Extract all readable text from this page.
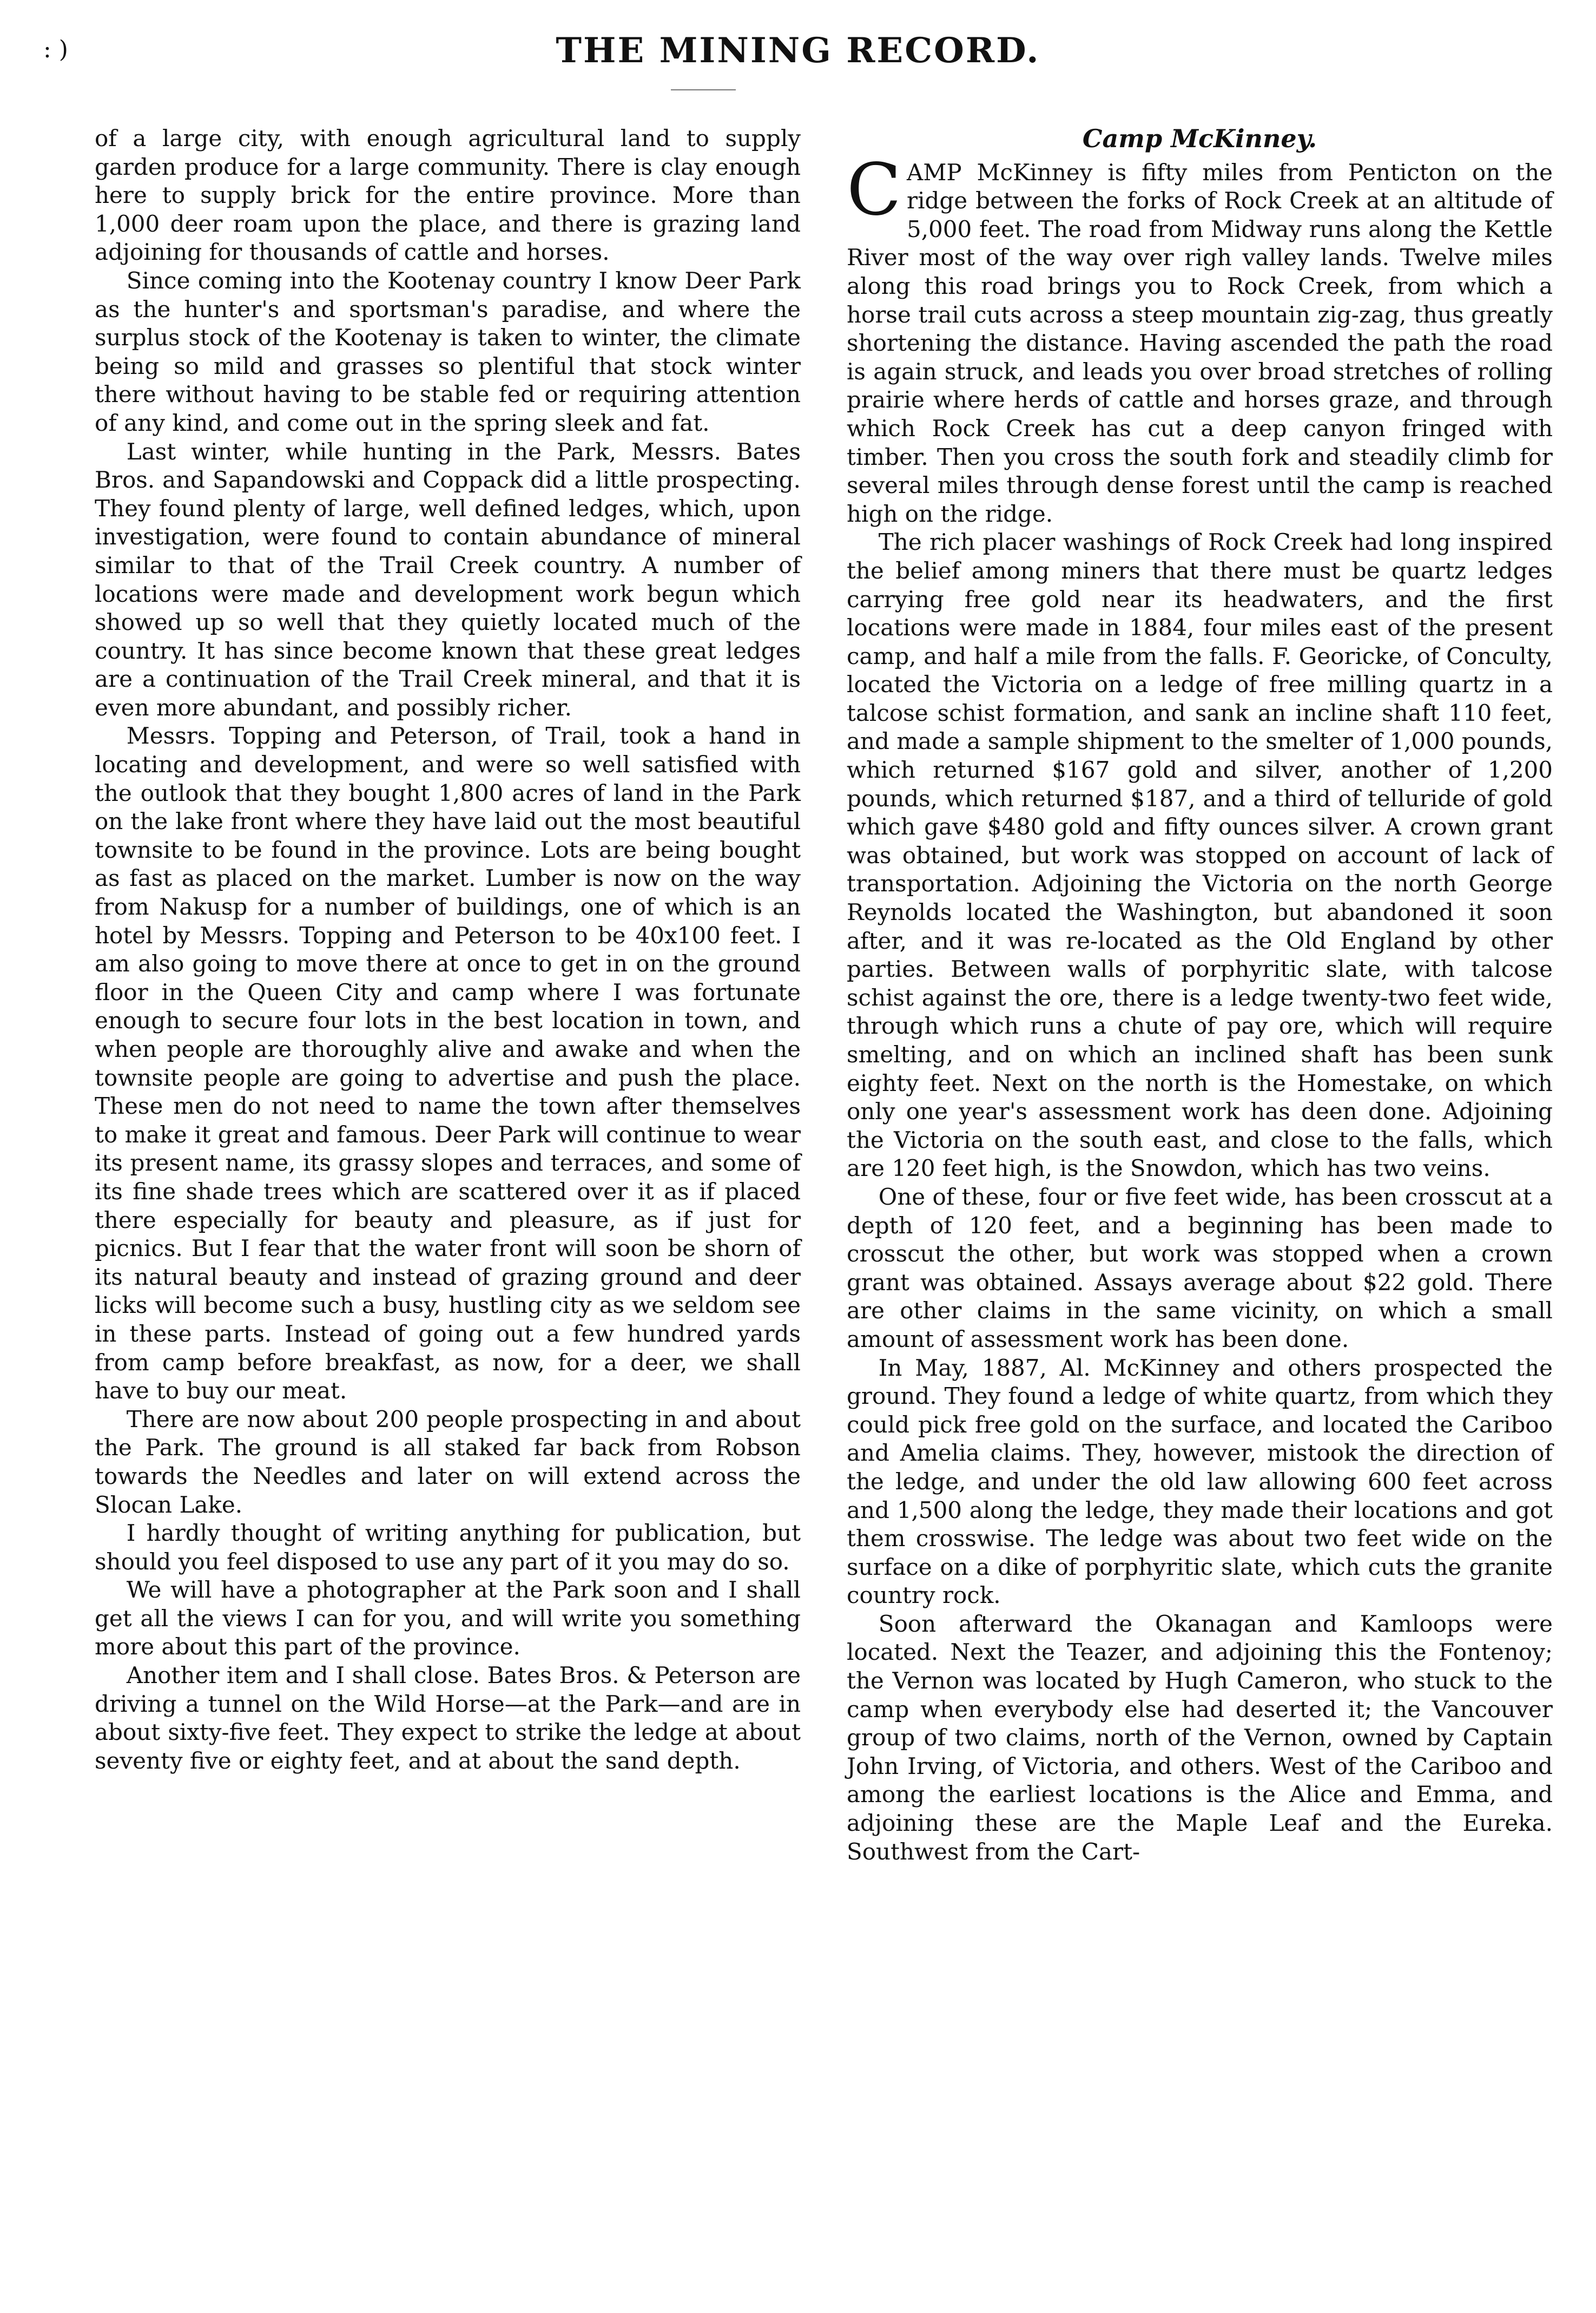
: )	THE MINING RECORD.

of a large city, with enough agricultural land to supply garden produce for a large community. There is clay enough here to supply brick for the entire province. More than 1,000 deer roam upon the place, and there is grazing land adjoining for thousands of cattle and horses.

Since coming into the Kootenay country I know Deer Park as the hunter's and sportsman's paradise, and where the surplus stock of the Kootenay is taken to winter, the climate being so mild and grasses so plentiful that stock winter there without having to be stable fed or requiring attention of any kind, and come out in the spring sleek and fat.

Last winter, while hunting in the Park, Messrs. Bates Bros. and Sapandowski and Coppack did a little prospecting. They found plenty of large, well defined ledges, which, upon investigation, were found to contain abundance of mineral similar to that of the Trail Creek country. A number of locations were made and development work begun which showed up so well that they quietly located much of the country. It has since become known that these great ledges are a continuation of the Trail Creek mineral, and that it is even more abundant, and possibly richer.

Messrs. Topping and Peterson, of Trail, took a hand in locating and development, and were so well satisfied with the outlook that they bought 1,800 acres of land in the Park on the lake front where they have laid out the most beautiful townsite to be found in the province. Lots are being bought as fast as placed on the market. Lumber is now on the way from Nakusp for a number of buildings, one of which is an hotel by Messrs. Topping and Peterson to be 40x100 feet. I am also going to move there at once to get in on the ground floor in the Queen City and camp where I was fortunate enough to secure four lots in the best location in town, and when people are thoroughly alive and awake and when the townsite people are going to advertise and push the place. These men do not need to name the town after themselves to make it great and famous. Deer Park will continue to wear its present name, its grassy slopes and terraces, and some of its fine shade trees which are scattered over it as if placed there especially for beauty and pleasure, as if just for picnics. But I fear that the water front will soon be shorn of its natural beauty and instead of grazing ground and deer licks will become such a busy, hustling city as we seldom see in these parts. Instead of going out a few hundred yards from camp before breakfast, as now, for a deer, we shall have to buy our meat.

There are now about 200 people prospecting in and about the Park. The ground is all staked far back from Robson towards the Needles and later on will extend across the Slocan Lake.

I hardly thought of writing anything for publication, but should you feel disposed to use any part of it you may do so.

We will have a photographer at the Park soon and I shall get all the views I can for you, and will write you something more about this part of the province.

Another item and I shall close. Bates Bros. & Peterson are driving a tunnel on the Wild Horse—at the Park—and are in about sixty-five feet. They expect to strike the ledge at about seventy five or eighty feet, and at about the sand depth.

Camp McKinney.

CAMP McKinney is fifty miles from Penticton on the ridge between the forks of Rock Creek at an altitude of 5,000 feet. The road from Midway runs along the Kettle River most of the way over righ valley lands. Twelve miles along this road brings you to Rock Creek, from which a horse trail cuts across a steep mountain zig-zag, thus greatly shortening the distance. Having ascended the path the road is again struck, and leads you over broad stretches of rolling prairie where herds of cattle and horses graze, and through which Rock Creek has cut a deep canyon fringed with timber. Then you cross the south fork and steadily climb for several miles through dense forest until the camp is reached high on the ridge.

The rich placer washings of Rock Creek had long inspired the belief among miners that there must be quartz ledges carrying free gold near its headwaters, and the first locations were made in 1884, four miles east of the present camp, and half a mile from the falls. F. Georicke, of Conculty, located the Victoria on a ledge of free milling quartz in a talcose schist formation, and sank an incline shaft 110 feet, and made a sample shipment to the smelter of 1,000 pounds, which returned $167 gold and silver, another of 1,200 pounds, which returned $187, and a third of telluride of gold which gave $480 gold and fifty ounces silver. A crown grant was obtained, but work was stopped on account of lack of transportation. Adjoining the Victoria on the north George Reynolds located the Washington, but abandoned it soon after, and it was re-located as the Old England by other parties. Between walls of porphyritic slate, with talcose schist against the ore, there is a ledge twenty-two feet wide, through which runs a chute of pay ore, which will require smelting, and on which an inclined shaft has been sunk eighty feet. Next on the north is the Homestake, on which only one year's assessment work has deen done. Adjoining the Victoria on the south east, and close to the falls, which are 120 feet high, is the Snowdon, which has two veins.

One of these, four or five feet wide, has been crosscut at a depth of 120 feet, and a beginning has been made to crosscut the other, but work was stopped when a crown grant was obtained. Assays average about $22 gold. There are other claims in the same vicinity, on which a small amount of assessment work has been done.

In May, 1887, Al. McKinney and others prospected the ground. They found a ledge of white quartz, from which they could pick free gold on the surface, and located the Cariboo and Amelia claims. They, however, mistook the direction of the ledge, and under the old law allowing 600 feet across and 1,500 along the ledge, they made their locations and got them crosswise. The ledge was about two feet wide on the surface on a dike of porphyritic slate, which cuts the granite country rock.

Soon afterward the Okanagan and Kamloops were located. Next the Teazer, and adjoining this the Fontenoy; the Vernon was located by Hugh Cameron, who stuck to the camp when everybody else had deserted it; the Vancouver group of two claims, north of the Vernon, owned by Captain John Irving, of Victoria, and others. West of the Cariboo and among the earliest locations is the Alice and Emma, and adjoining these are the Maple Leaf and the Eureka. Southwest from the Cart-
